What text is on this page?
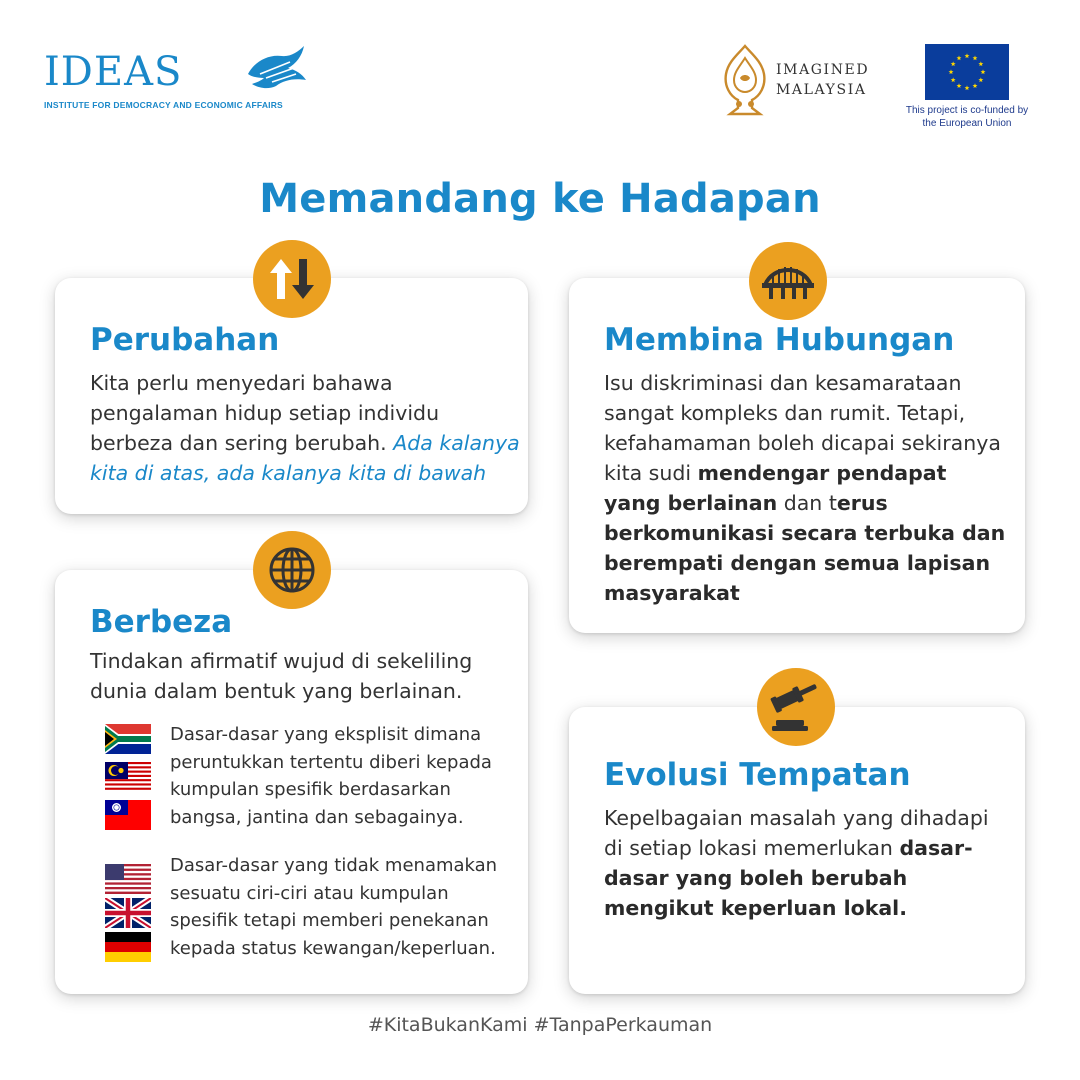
IDEAS
INSTITUTE FOR DEMOCRACY AND ECONOMIC AFFAIRS
IMAGINED
MALAYSIA
This project is co-funded by
the European Union
Memandang ke Hadapan
Perubahan
Kita perlu menyedari bahawa pengalaman hidup setiap individu berbeza dan sering berubah. Ada kalanya kita di atas, ada kalanya kita di bawah
Membina Hubungan
Isu diskriminasi dan kesamarataan sangat kompleks dan rumit. Tetapi, kefahamaman boleh dicapai sekiranya kita sudi mendengar pendapat yang berlainan dan terus berkomunikasi secara terbuka dan berempati dengan semua lapisan masyarakat
Berbeza
Tindakan afirmatif wujud di sekeliling dunia dalam bentuk yang berlainan.
Dasar-dasar yang eksplisit dimana peruntukkan tertentu diberi kepada kumpulan spesifik berdasarkan bangsa, jantina dan sebagainya.
Dasar-dasar yang tidak menamakan sesuatu ciri-ciri atau kumpulan spesifik tetapi memberi penekanan kepada status kewangan/keperluan.
Evolusi Tempatan
Kepelbagaian masalah yang dihadapi di setiap lokasi memerlukan dasar-dasar yang boleh berubah mengikut keperluan lokal.
#KitaBukanKami #TanpaPerkauman
